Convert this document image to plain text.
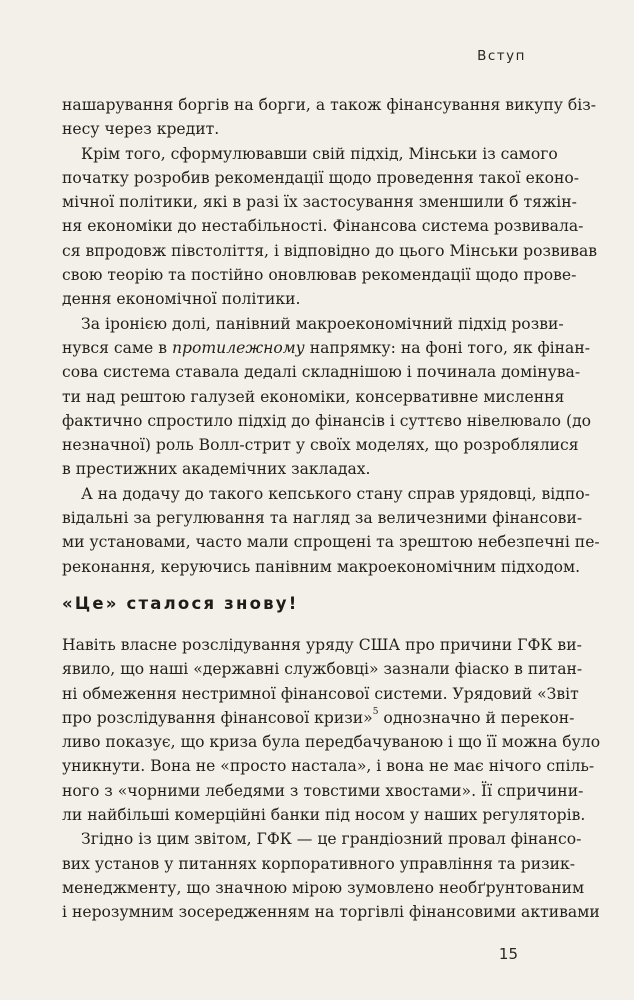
Вступ
нашарування боргів на борги, а також фінансування викупу біз-
несу через кредит.
Крім того, сформулювавши свій підхід, Мінськи із самого
початку розробив рекомендації щодо проведення такої еконо-
мічної політики, які в разі їх застосування зменшили б тяжін-
ня економіки до нестабільності. Фінансова система розвивала-
ся впродовж півстоліття, і відповідно до цього Мінськи розвивав
свою теорію та постійно оновлював рекомендації щодо прове-
дення економічної політики.
За іронією долі, панівний макроекономічний підхід розви-
нувся саме в протилежному напрямку: на фоні того, як фінан-
сова система ставала дедалі складнішою і починала домінува-
ти над рештою галузей економіки, консервативне мислення
фактично спростило підхід до фінансів і суттєво нівелювало (до
незначної) роль Волл-стрит у своїх моделях, що розроблялися
в престижних академічних закладах.
А на додачу до такого кепського стану справ урядовці, відпо-
відальні за регулювання та нагляд за величезними фінансови-
ми установами, часто мали спрощені та зрештою небезпечні пе-
реконання, керуючись панівним макроекономічним підходом.
«Це» сталося знову!
Навіть власне розслідування уряду США про причини ГФК ви-
явило, що наші «державні службовці» зазнали фіаско в питан-
ні обмеження нестримної фінансової системи. Урядовий «Звіт
про розслідування фінансової кризи»$^5$ однозначно й перекон-
ливо показує, що криза була передбачуваною і що її можна було
уникнути. Вона не «просто настала», і вона не має нічого спіль-
ного з «чорними лебедями з товстими хвостами». Її спричини-
ли найбільші комерційні банки під носом у наших регуляторів.
Згідно із цим звітом, ГФК — це грандіозний провал фінансо-
вих установ у питаннях корпоративного управління та ризик-
менеджменту, що значною мірою зумовлено необґрунтованим
і нерозумним зосередженням на торгівлі фінансовими активами
15
